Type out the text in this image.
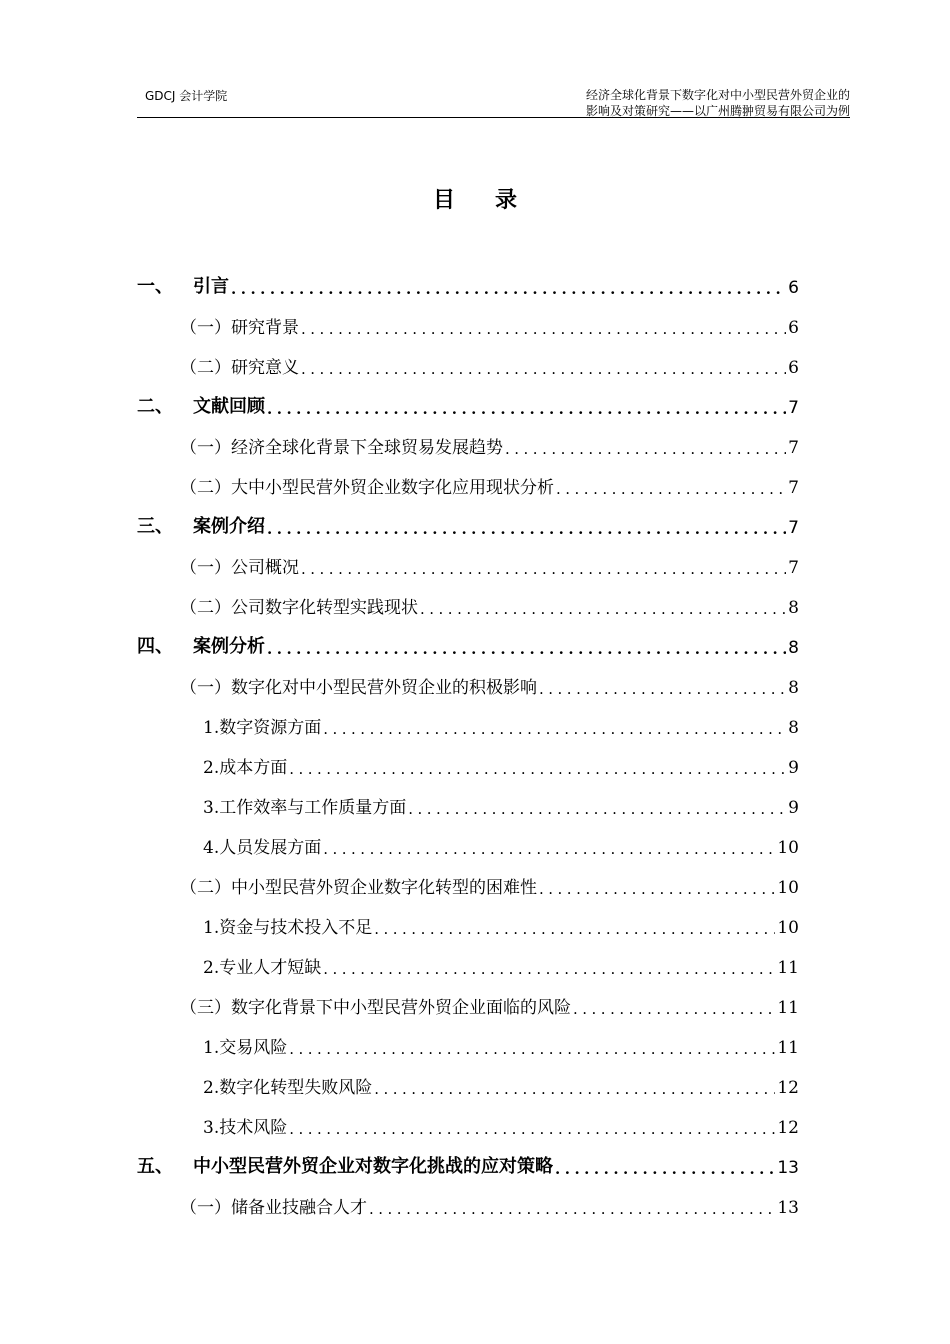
GDCJ 会计学院	经济全球化背景下数字化对中小型民营外贸企业的
影响及对策研究——以广州腾翀贸易有限公司为例
目录
一、	引言 .....	6
（一）研究背景 .....	6
（二）研究意义 .....	6
二、	文献回顾 .....	7
（一）经济全球化背景下全球贸易发展趋势 .....	7
（二）大中小型民营外贸企业数字化应用现状分析 .....	7
三、	案例介绍 .....	7
（一）公司概况 .....	7
（二）公司数字化转型实践现状 .....	8
四、	案例分析 .....	8
（一）数字化对中小型民营外贸企业的积极影响 .....	8
1.数字资源方面 .....	8
2.成本方面 .....	9
3.工作效率与工作质量方面 .....	9
4.人员发展方面 .....	10
（二）中小型民营外贸企业数字化转型的困难性 .....	10
1.资金与技术投入不足 .....	10
2.专业人才短缺 .....	11
（三）数字化背景下中小型民营外贸企业面临的风险 .....	11
1.交易风险 .....	11
2.数字化转型失败风险 .....	12
3.技术风险 .....	12
五、	中小型民营外贸企业对数字化挑战的应对策略 .....	13
（一）储备业技融合人才 .....	13
